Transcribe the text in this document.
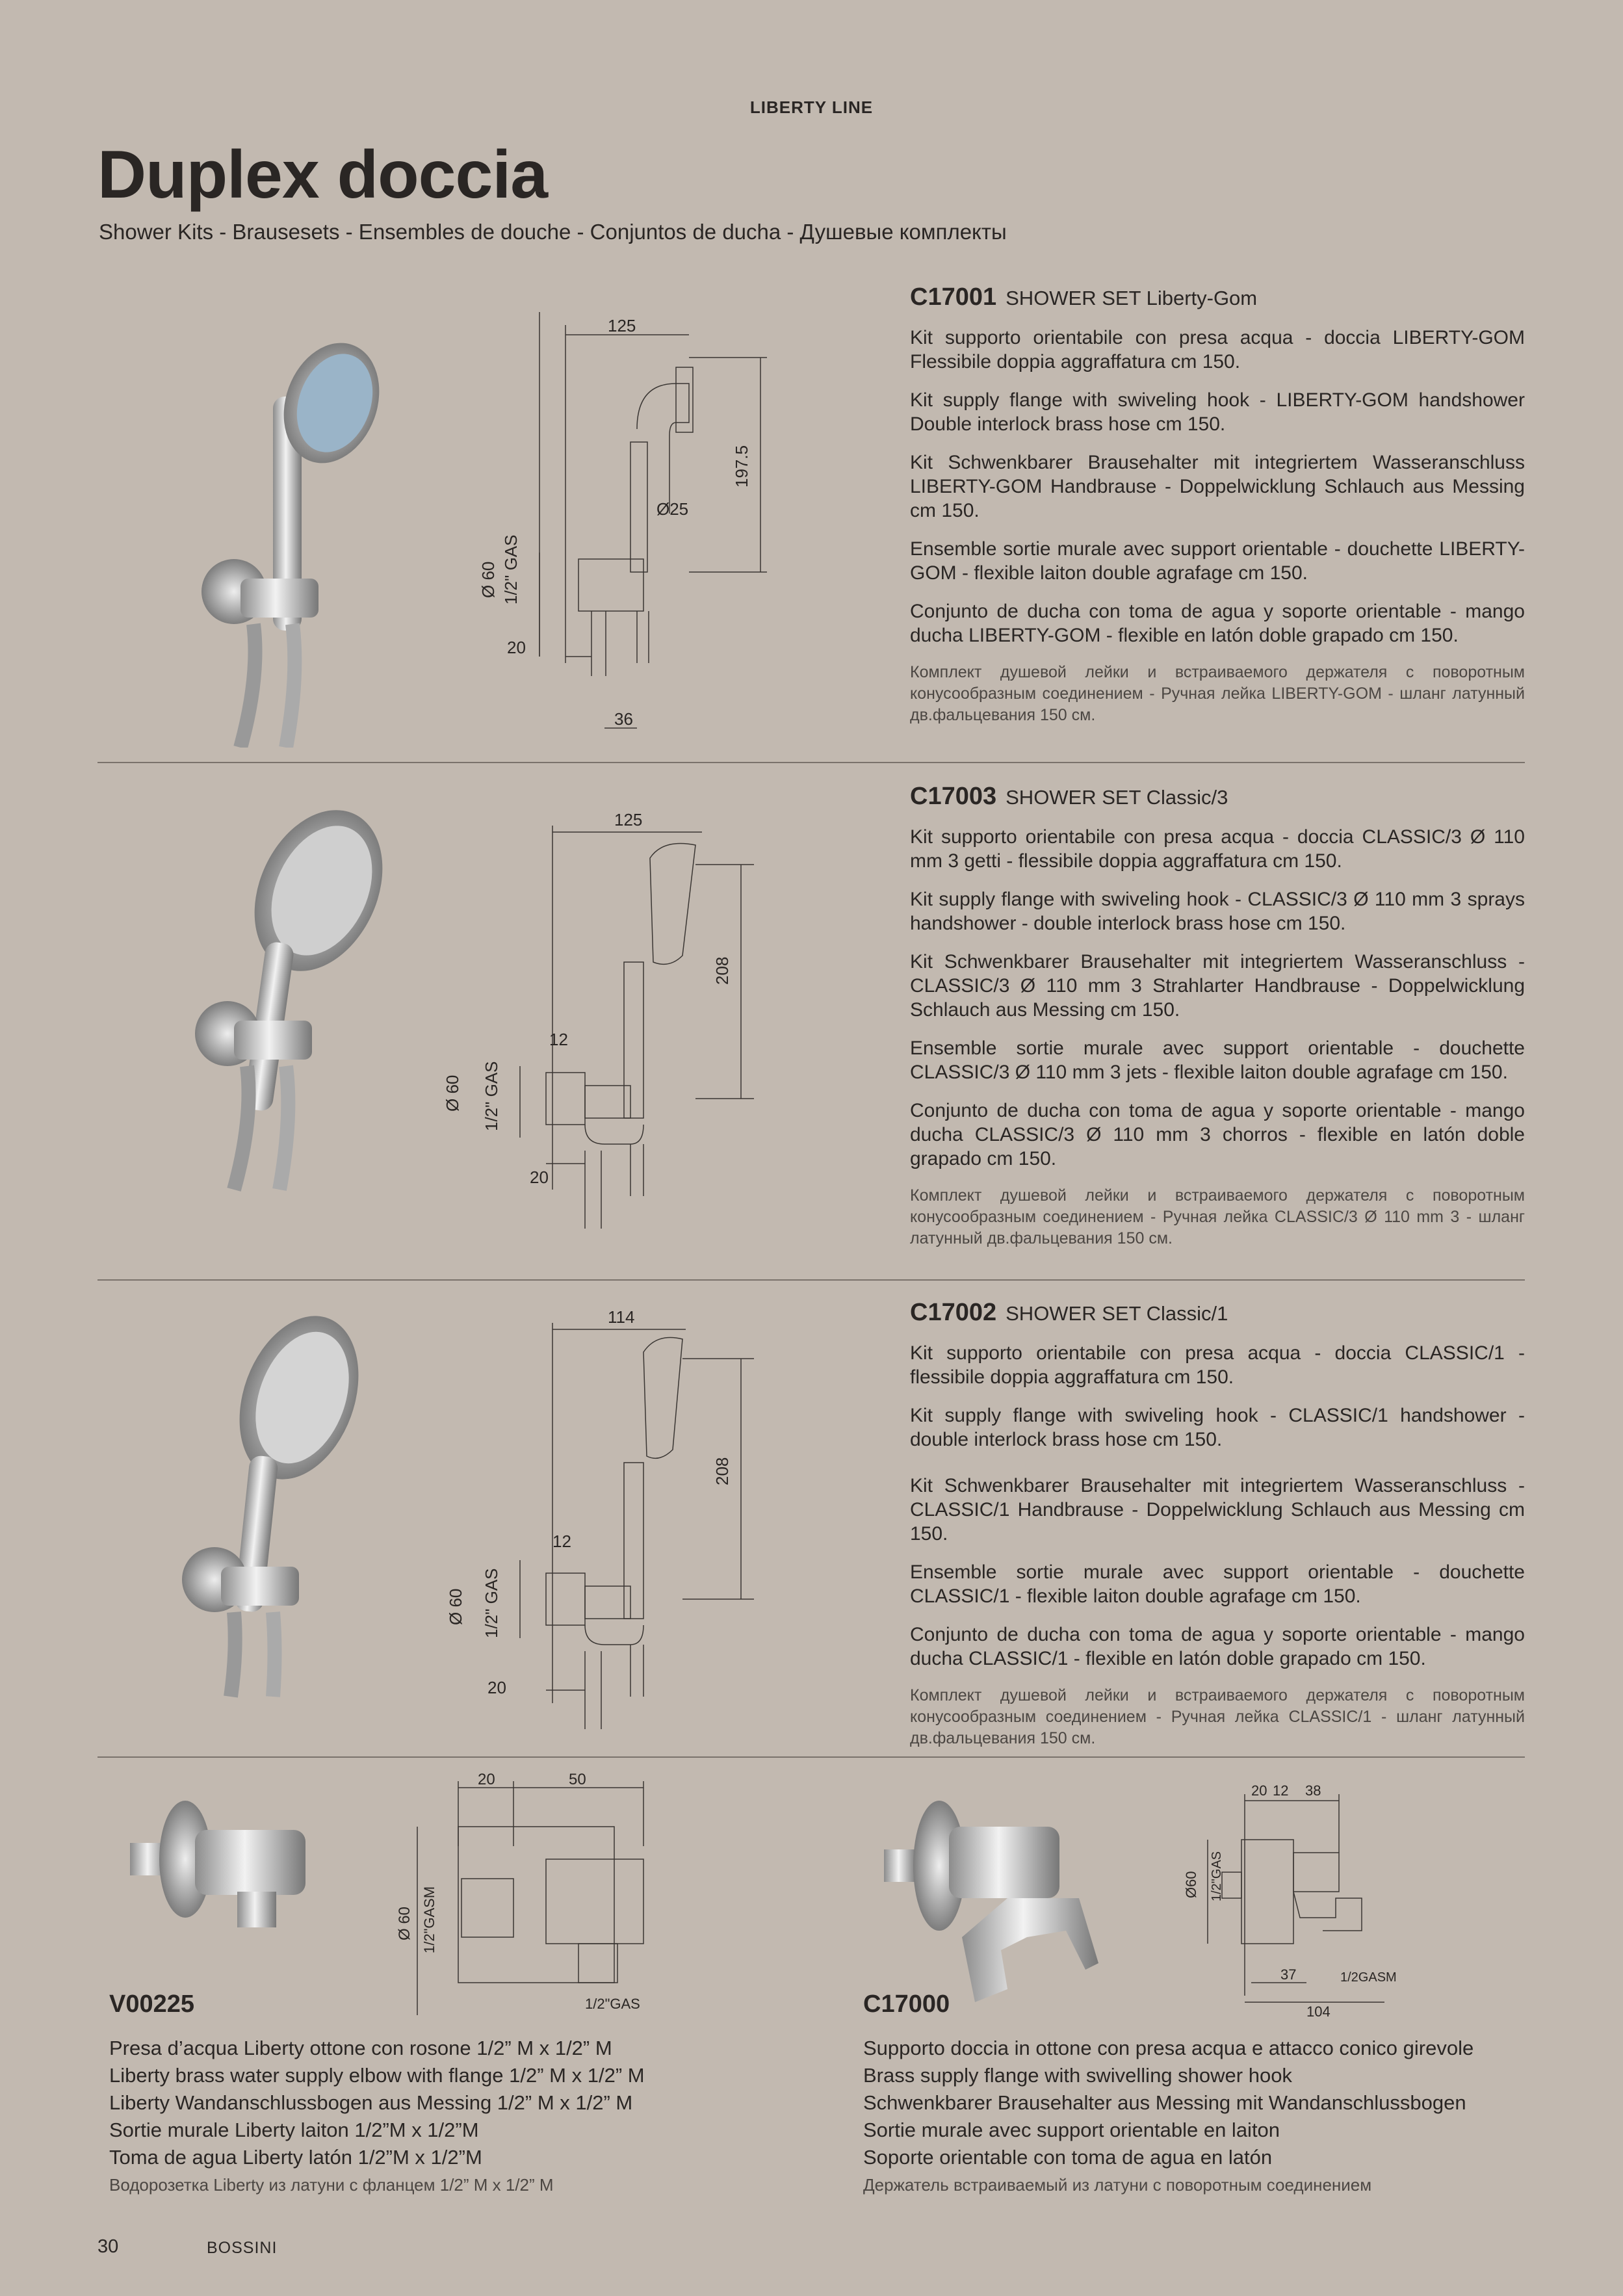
LIBERTY LINE
Duplex doccia
Shower Kits - Brausesets - Ensembles de douche - Conjuntos de ducha - Душевые комплекты
125
197.5
Ø25
Ø 60 1/2" GAS
20
36
C17001 SHOWER SET Liberty-Gom
Kit supporto orientabile con presa acqua - doccia LIBERTY-GOM Flessibile doppia aggraffatura cm 150.
Kit supply flange with swiveling hook - LIBERTY-GOM handshower Double interlock brass hose cm 150.
Kit Schwenkbarer Brausehalter mit integriertem Wasseranschluss LIBERTY-GOM Handbrause - Doppelwicklung Schlauch aus Messing cm 150.
Ensemble sortie murale avec support orientable - douchette LIBERTY-GOM - flexible laiton double agrafage cm 150.
Conjunto de ducha con toma de agua y soporte orientable - mango ducha LIBERTY-GOM - flexible en latón doble grapado cm 150.
Комплект душевой лейки и встраиваемого держателя с поворотным конусообразным соединением - Ручная лейка LIBERTY-GOM - шланг латунный дв.фальцевания 150 см.
125
208
12
Ø 60 1/2" GAS
20
C17003 SHOWER SET Classic/3
Kit supporto orientabile con presa acqua - doccia CLASSIC/3 Ø 110 mm 3 getti - flessibile doppia aggraffatura cm 150.
Kit supply flange with swiveling hook - CLASSIC/3 Ø 110 mm 3 sprays handshower - double interlock brass hose cm 150.
Kit Schwenkbarer Brausehalter mit integriertem Wasseranschluss - CLASSIC/3 Ø 110 mm 3 Strahlarter Handbrause - Doppelwicklung Schlauch aus Messing cm 150.
Ensemble sortie murale avec support orientable - douchette CLASSIC/3 Ø 110 mm 3 jets - flexible laiton double agrafage cm 150.
Conjunto de ducha con toma de agua y soporte orientable - mango ducha CLASSIC/3 Ø 110 mm 3 chorros - flexible en latón doble grapado cm 150.
Комплект душевой лейки и встраиваемого держателя с поворотным конусообразным соединением - Ручная лейка CLASSIC/3 Ø 110 mm 3 - шланг латунный дв.фальцевания 150 см.
114
208
12
Ø 60 1/2" GAS
20
C17002 SHOWER SET Classic/1
Kit supporto orientabile con presa acqua - doccia CLASSIC/1 - flessibile doppia aggraffatura cm 150.
Kit supply flange with swiveling hook - CLASSIC/1 handshower - double interlock brass hose cm 150.
Kit Schwenkbarer Brausehalter mit integriertem Wasseranschluss - CLASSIC/1 Handbrause - Doppelwicklung Schlauch aus Messing cm 150.
Ensemble sortie murale avec support orientable - douchette CLASSIC/1 - flexible laiton double agrafage cm 150.
Conjunto de ducha con toma de agua y soporte orientable - mango ducha CLASSIC/1 - flexible en latón doble grapado cm 150.
Комплект душевой лейки и встраиваемого держателя с поворотным конусообразным соединением - Ручная лейка CLASSIC/1 - шланг латунный дв.фальцевания 150 см.
20	50
Ø 60 1/2"GASM
1/2"GAS
V00225
Presa d’acqua Liberty ottone con rosone 1/2” M x 1/2” M
Liberty brass water supply elbow with flange 1/2” M x 1/2” M
Liberty Wandanschlussbogen aus Messing 1/2” M x 1/2” M
Sortie murale Liberty laiton 1/2”M x 1/2”M
Toma de agua Liberty latón 1/2”M x 1/2”M
Водорозетка Liberty из латуни с фланцем 1/2” M x 1/2” M
20 12 38
Ø60 1/2"GAS
37	1/2GASM
104
C17000
Supporto doccia in ottone con presa acqua e attacco conico girevole
Brass supply flange with swivelling shower hook
Schwenkbarer Brausehalter aus Messing mit Wandanschlussbogen
Sortie murale avec support orientable en laiton
Soporte orientable con toma de agua en latón
Держатель встраиваемый из латуни с поворотным соединением
30	BOSSINI
